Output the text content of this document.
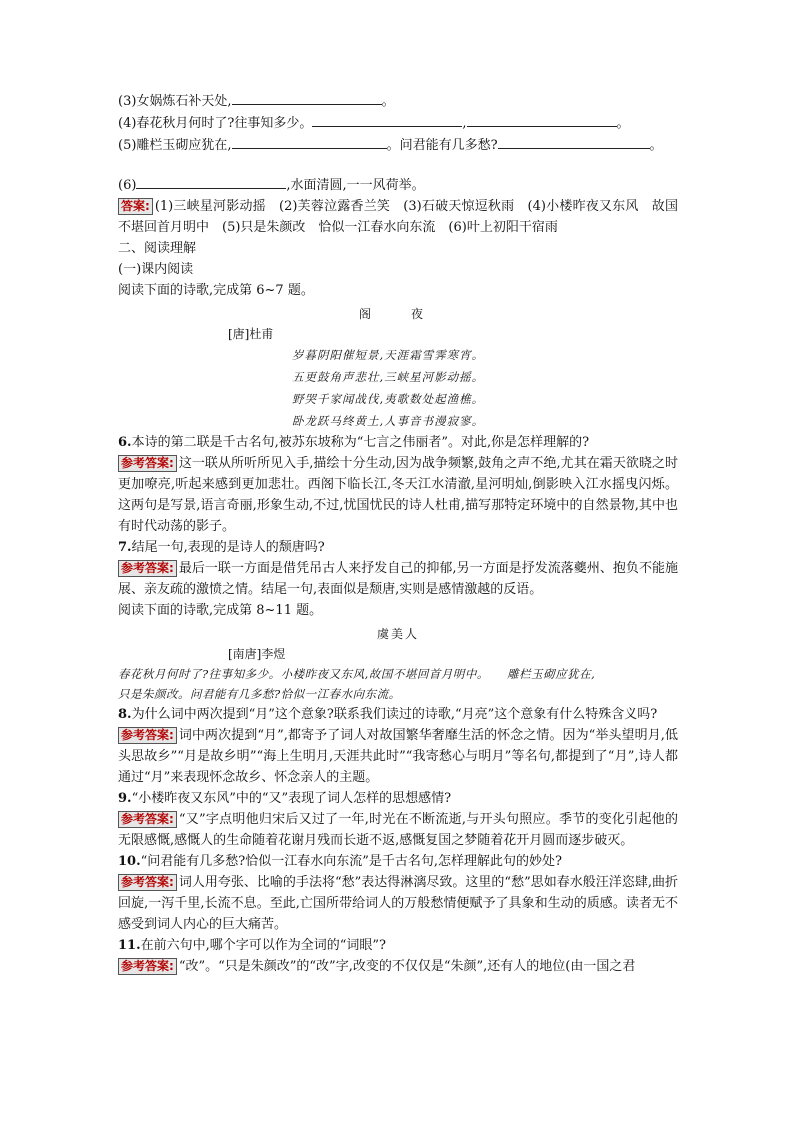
(3)女娲炼石补天处,	。
(4)春花秋月何时了?往事知多少。	,	。
(5)雕栏玉砌应犹在,	。问君能有几多愁?	。
(6)	,水面清圆,一一风荷举。
答案: (1)三峡星河影动摇　(2)芙蓉泣露香兰笑　(3)石破天惊逗秋雨　(4)小楼昨夜又东风　故国不堪回首月明中　(5)只是朱颜改　恰似一江春水向东流　(6)叶上初阳干宿雨
二、阅读理解
(一)课内阅读
阅读下面的诗歌,完成第 6~7 题。
阁　夜
[唐]杜甫
岁暮阴阳催短景,天涯霜雪霁寒宵。
五更鼓角声悲壮,三峡星河影动摇。
野哭千家闻战伐,夷歌数处起渔樵。
卧龙跃马终黄土,人事音书漫寂寥。
6.本诗的第二联是千古名句,被苏东坡称为“七言之伟丽者”。对此,你是怎样理解的?
参考答案: 这一联从所听所见入手,描绘十分生动,因为战争频繁,鼓角之声不绝,尤其在霜天欲晓之时更加嘹亮,听起来感到更加悲壮。西阁下临长江,冬天江水清澈,星河明灿,倒影映入江水摇曳闪烁。这两句是写景,语言奇丽,形象生动,不过,忧国忧民的诗人杜甫,描写那特定环境中的自然景物,其中也有时代动荡的影子。
7.结尾一句,表现的是诗人的颓唐吗?
参考答案: 最后一联一方面是借凭吊古人来抒发自己的抑郁,另一方面是抒发流落夔州、抱负不能施展、亲友疏的激愤之情。结尾一句,表面似是颓唐,实则是感情激越的反语。
阅读下面的诗歌,完成第 8~11 题。
虞美人
[南唐]李煜
春花秋月何时了?往事知多少。小楼昨夜又东风,故国不堪回首月明中。　　雕栏玉砌应犹在,
只是朱颜改。问君能有几多愁?恰似一江春水向东流。
8.为什么词中两次提到“月”这个意象?联系我们读过的诗歌,“月亮”这个意象有什么特殊含义吗?
参考答案: 词中两次提到“月”,都寄予了词人对故国繁华奢靡生活的怀念之情。因为“举头望明月,低头思故乡”“月是故乡明”“海上生明月,天涯共此时”“我寄愁心与明月”等名句,都提到了“月”,诗人都通过“月”来表现怀念故乡、怀念亲人的主题。
9.“小楼昨夜又东风”中的“又”表现了词人怎样的思想感情?
参考答案: “又”字点明他归宋后又过了一年,时光在不断流逝,与开头句照应。季节的变化引起他的无限感慨,感慨人的生命随着花谢月残而长逝不返,感慨复国之梦随着花开月圆而逐步破灭。
10.“问君能有几多愁?恰似一江春水向东流”是千古名句,怎样理解此句的妙处?
参考答案: 词人用夸张、比喻的手法将“愁”表达得淋漓尽致。这里的“愁”思如春水般汪洋恣肆,曲折回旋,一泻千里,长流不息。至此,亡国所带给词人的万般愁情便赋予了具象和生动的质感。读者无不感受到词人内心的巨大痛苦。
11.在前六句中,哪个字可以作为全词的“词眼”?
参考答案: “改”。“只是朱颜改”的“改”字,改变的不仅仅是“朱颜”,还有人的地位(由一国之君
